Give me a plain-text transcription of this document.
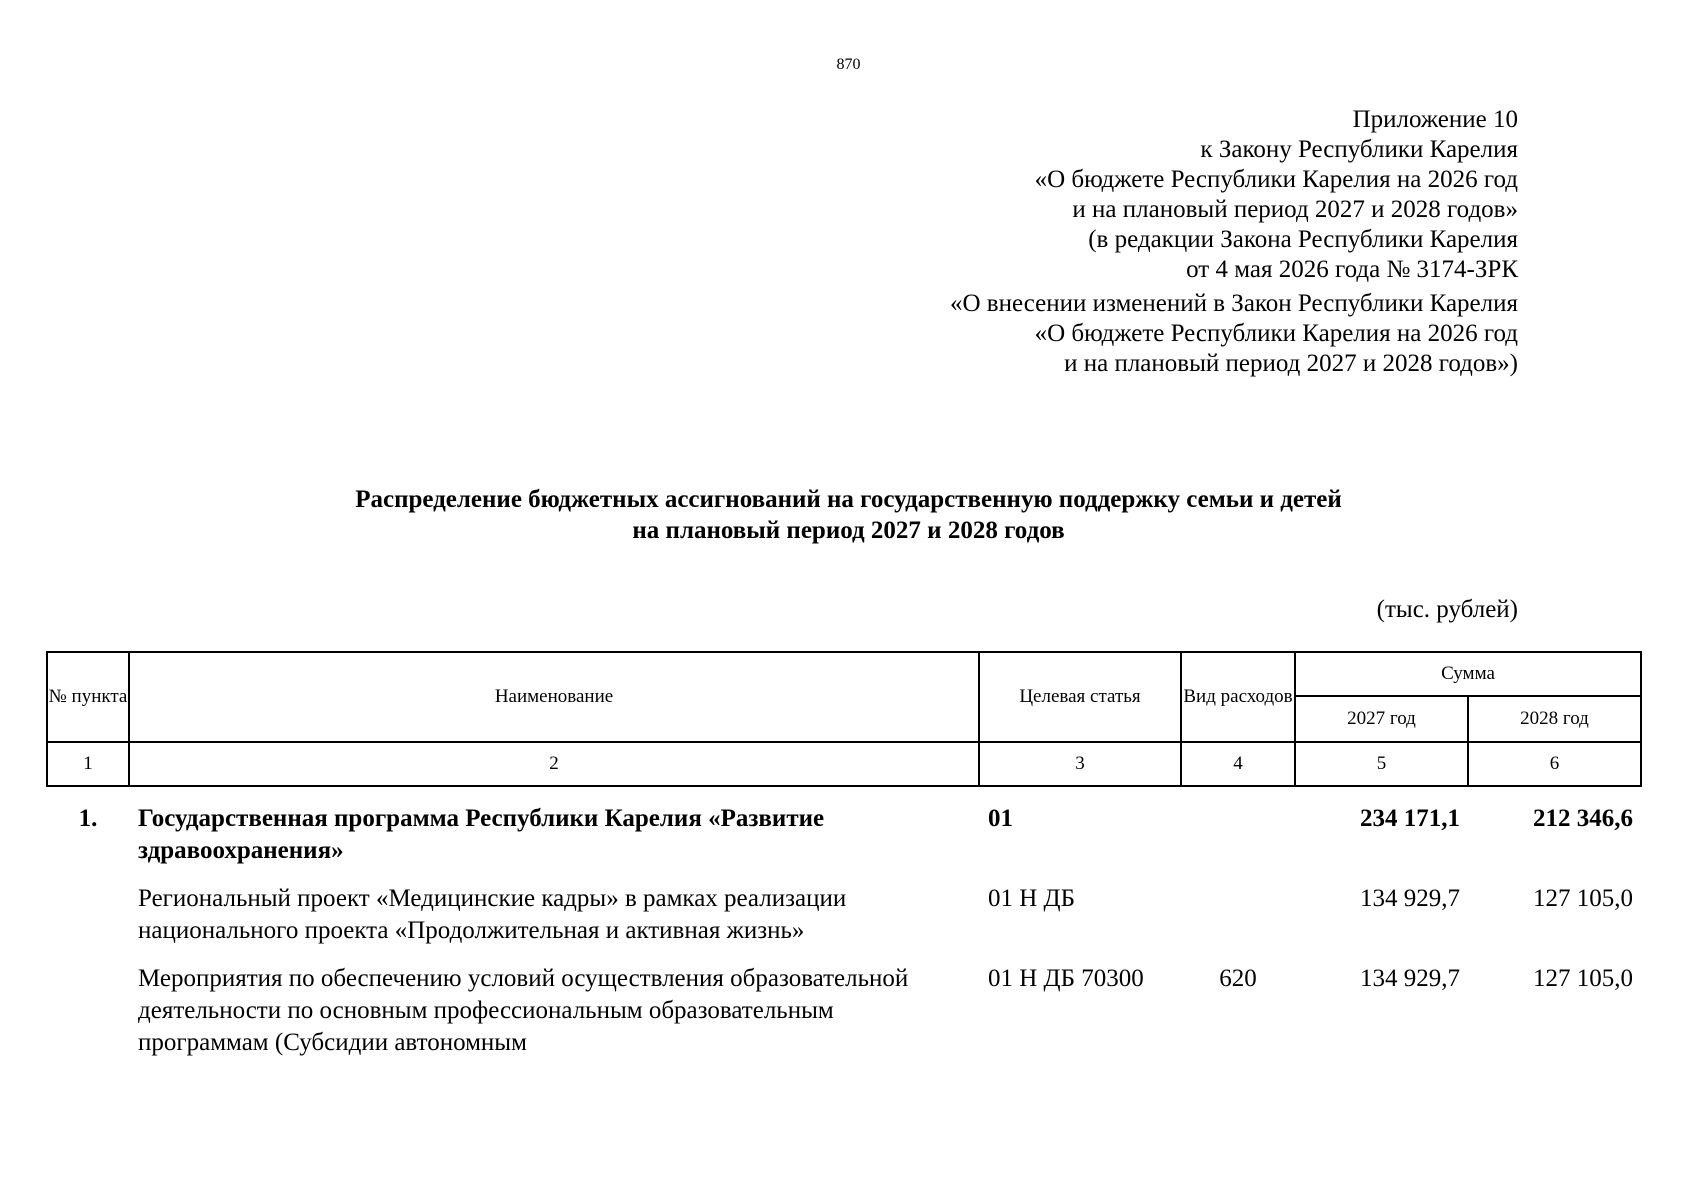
870
Приложение 10
к Закону Республики Карелия
«О бюджете Республики Карелия на 2026 год
и на плановый период 2027 и 2028 годов»
(в редакции Закона Республики Карелия
от 4 мая 2026 года № 3174-ЗРК
«О внесении изменений в Закон Республики Карелия
«О бюджете Республики Карелия на 2026 год
и на плановый период 2027 и 2028 годов»)
Распределение бюджетных ассигнований на государственную поддержку семьи и детей
на плановый период 2027 и 2028 годов
(тыс. рублей)
№ пункта	Наименование	Целевая статья	Вид расходов	Сумма	
				2027 год	2028 год
1	2	3	4	5	6
1.	Государственная программа Республики Карелия «Развитие здравоохранения»	01		234 171,1	212 346,6
	Региональный проект «Медицинские кадры» в рамках реализации национального проекта «Продолжительная и активная жизнь»	01 Н ДБ		134 929,7	127 105,0
	Мероприятия по обеспечению условий осуществления образовательной деятельности по основным профессиональным образовательным программам (Субсидии автономным	01 Н ДБ 70300	620	134 929,7	127 105,0
